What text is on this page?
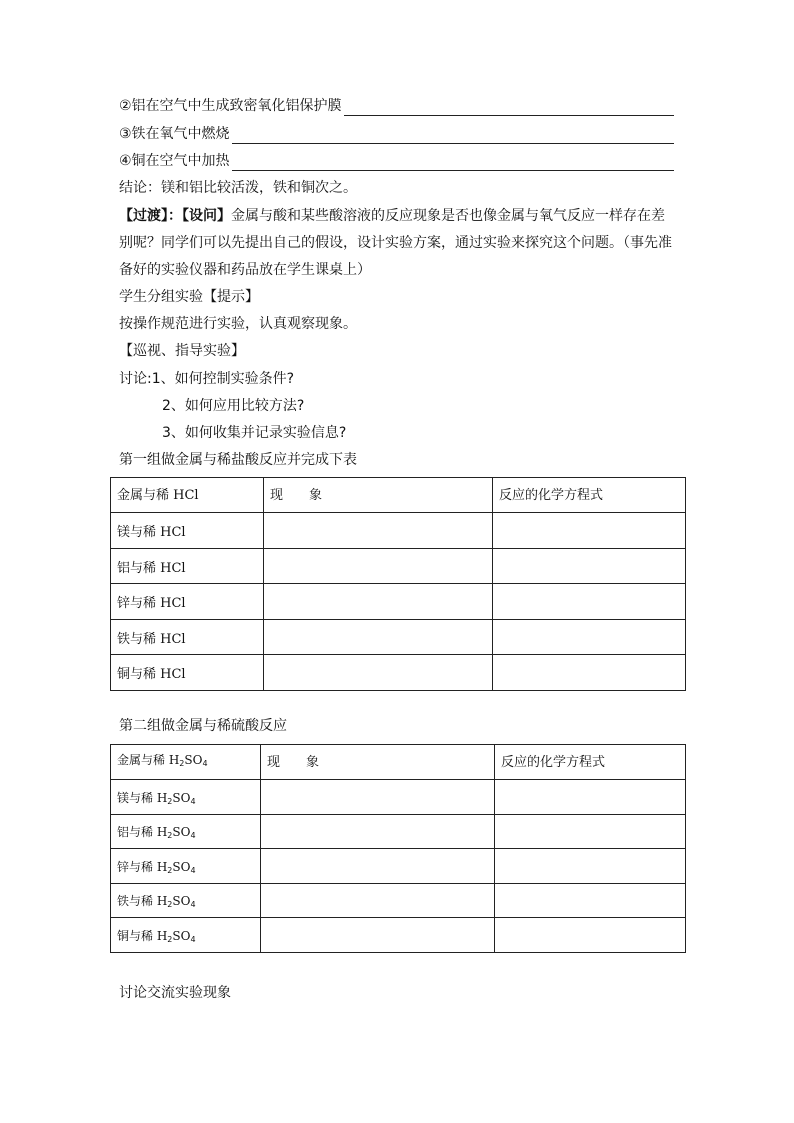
②铝在空气中生成致密氧化铝保护膜
③铁在氧气中燃烧
④铜在空气中加热
结论：镁和铝比较活泼，铁和铜次之。
【过渡】：【设问】金属与酸和某些酸溶液的反应现象是否也像金属与氧气反应一样存在差
别呢？同学们可以先提出自己的假设，设计实验方案，通过实验来探究这个问题。（事先准
备好的实验仪器和药品放在学生课桌上）
学生分组实验【提示】
按操作规范进行实验，认真观察现象。
【巡视、指导实验】
讨论:1、如何控制实验条件?
2、如何应用比较方法?
3、如何收集并记录实验信息?
第一组做金属与稀盐酸反应并完成下表
金属与稀 HCl	现　　象	反应的化学方程式
镁与稀 HCl		
铝与稀 HCl		
锌与稀 HCl		
铁与稀 HCl		
铜与稀 HCl		
第二组做金属与稀硫酸反应
金属与稀 $H_2SO_4$	现　　象	反应的化学方程式
镁与稀 $H_2SO_4$		
铝与稀 $H_2SO_4$		
锌与稀 $H_2SO_4$		
铁与稀 $H_2SO_4$		
铜与稀 $H_2SO_4$		
讨论交流实验现象
